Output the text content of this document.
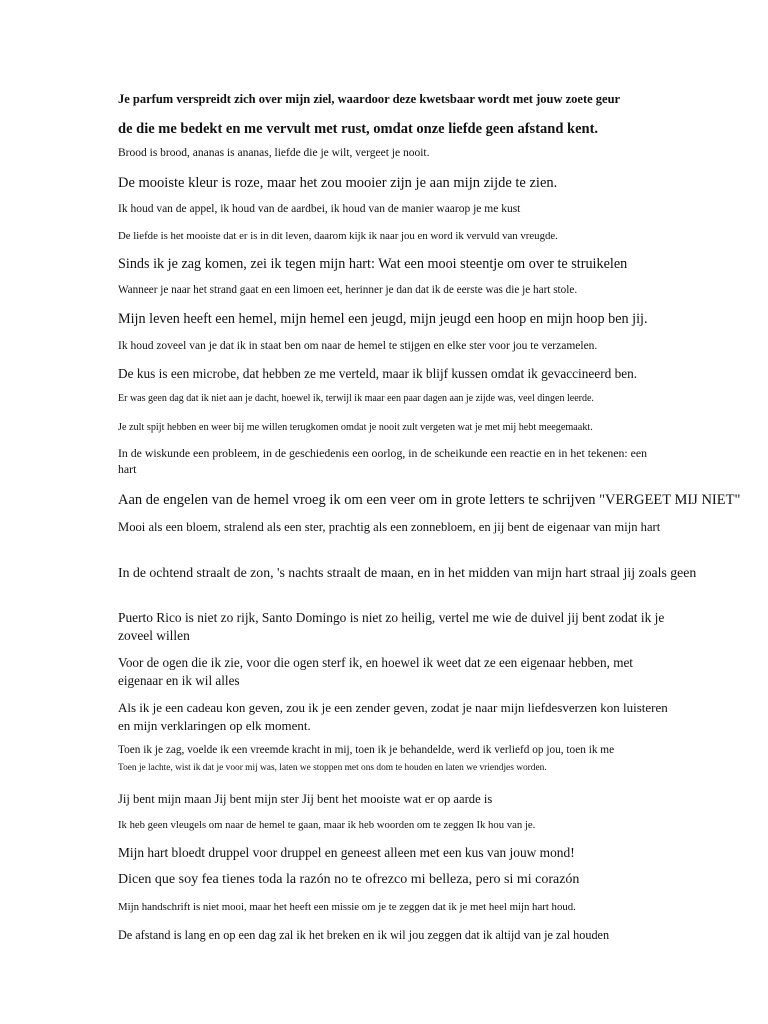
Je parfum verspreidt zich over mijn ziel, waardoor deze kwetsbaar wordt met jouw zoete geur

de die me bedekt en me vervult met rust, omdat onze liefde geen afstand kent.

Brood is brood, ananas is ananas, liefde die je wilt, vergeet je nooit.

De mooiste kleur is roze, maar het zou mooier zijn je aan mijn zijde te zien.

Ik houd van de appel, ik houd van de aardbei, ik houd van de manier waarop je me kust

De liefde is het mooiste dat er is in dit leven, daarom kijk ik naar jou en word ik vervuld van vreugde.

Sinds ik je zag komen, zei ik tegen mijn hart: Wat een mooi steentje om over te struikelen

Wanneer je naar het strand gaat en een limoen eet, herinner je dan dat ik de eerste was die je hart stole.

Mijn leven heeft een hemel, mijn hemel een jeugd, mijn jeugd een hoop en mijn hoop ben jij.

Ik houd zoveel van je dat ik in staat ben om naar de hemel te stijgen en elke ster voor jou te verzamelen.

De kus is een microbe, dat hebben ze me verteld, maar ik blijf kussen omdat ik gevaccineerd ben.

Er was geen dag dat ik niet aan je dacht, hoewel ik, terwijl ik maar een paar dagen aan je zijde was, veel dingen leerde.

Je zult spijt hebben en weer bij me willen terugkomen omdat je nooit zult vergeten wat je met mij hebt meegemaakt.

In de wiskunde een probleem, in de geschiedenis een oorlog, in de scheikunde een reactie en in het tekenen: een hart

Aan de engelen van de hemel vroeg ik om een veer om in grote letters te schrijven "VERGEET MIJ NIET"

Mooi als een bloem, stralend als een ster, prachtig als een zonnebloem, en jij bent de eigenaar van mijn hart

In de ochtend straalt de zon, 's nachts straalt de maan, en in het midden van mijn hart straal jij zoals geen

Puerto Rico is niet zo rijk, Santo Domingo is niet zo heilig, vertel me wie de duivel jij bent zodat ik je zoveel willen

Voor de ogen die ik zie, voor die ogen sterf ik, en hoewel ik weet dat ze een eigenaar hebben, met eigenaar en ik wil alles

Als ik je een cadeau kon geven, zou ik je een zender geven, zodat je naar mijn liefdesverzen kon luisteren en mijn verklaringen op elk moment.

Toen ik je zag, voelde ik een vreemde kracht in mij, toen ik je behandelde, werd ik verliefd op jou, toen ik me

Toen je lachte, wist ik dat je voor mij was, laten we stoppen met ons dom te houden en laten we vriendjes worden.

Jij bent mijn maan Jij bent mijn ster Jij bent het mooiste wat er op aarde is

Ik heb geen vleugels om naar de hemel te gaan, maar ik heb woorden om te zeggen Ik hou van je.

Mijn hart bloedt druppel voor druppel en geneest alleen met een kus van jouw mond!

Dicen que soy fea tienes toda la razón no te ofrezco mi belleza, pero si mi corazón

Mijn handschrift is niet mooi, maar het heeft een missie om je te zeggen dat ik je met heel mijn hart houd.

De afstand is lang en op een dag zal ik het breken en ik wil jou zeggen dat ik altijd van je zal houden
